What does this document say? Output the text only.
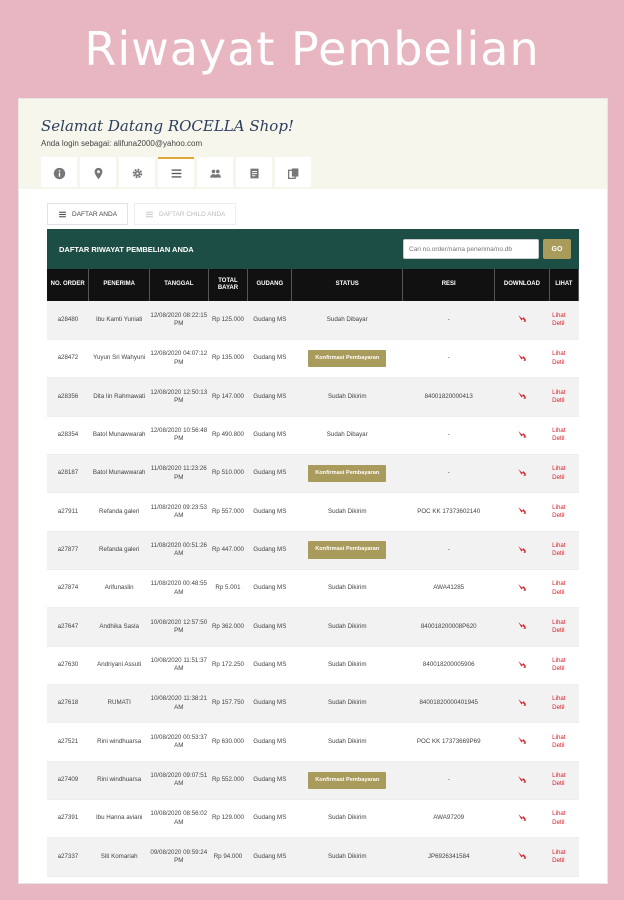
Riwayat Pembelian
Selamat Datang ROCELLA Shop!
Anda login sebagai: alifuna2000@yahoo.com
DAFTAR ANDA	DAFTAR CHILD ANDA
DAFTAR RIWAYAT PEMBELIAN ANDA
Cari no.order/nama penerima/no.db	GO
NO. ORDER	PENERIMA	TANGGAL	TOTAL BAYAR	GUDANG	STATUS	RESI	DOWNLOAD	LIHAT
a28480	Ibu Kamti Yuniati	12/08/2020 08:22:15 PM	Rp 125.000	Gudang MS	Sudah Dibayar	-		Lihat Detil
a28472	Yuyun Sri Wahyuni	12/08/2020 04:07:12 PM	Rp 135.000	Gudang MS	Konfirmasi Pembayaran	-		Lihat Detil
a28356	Dita Iin Rahmawati	12/08/2020 12:50:13 PM	Rp 147.000	Gudang MS	Sudah Dikirim	84001820000413		Lihat Detil
a28354	Batol Munawwarah	12/08/2020 10:56:48 PM	Rp 490.800	Gudang MS	Sudah Dibayar	-		Lihat Detil
a28187	Batol Munawwarah	11/08/2020 11:23:26 PM	Rp 510.000	Gudang MS	Konfirmasi Pembayaran	-		Lihat Detil
a27911	Refanda galeri	11/08/2020 09:23:53 AM	Rp 557.000	Gudang MS	Sudah Dikirim	POC KK 17373602140		Lihat Detil
a27877	Refanda galeri	11/08/2020 00:51:26 AM	Rp 447.000	Gudang MS	Konfirmasi Pembayaran	-		Lihat Detil
a27874	Arifunaslin	11/08/2020 00:48:55 AM	Rp 5.001	Gudang MS	Sudah Dikirim	AWA41285		Lihat Detil
a27647	Andhika Sasla	10/08/2020 12:57:50 PM	Rp 362.000	Gudang MS	Sudah Dikirim	840018200008P620		Lihat Detil
a27630	Andriyani Assuti	10/08/2020 11:51:37 AM	Rp 172.250	Gudang MS	Sudah Dikirim	840018200005906		Lihat Detil
a27618	RUMATI	10/08/2020 11:38:21 AM	Rp 157.750	Gudang MS	Sudah Dikirim	84001820000401945		Lihat Detil
a27521	Rini windhuarsa	10/08/2020 00:53:37 AM	Rp 630.000	Gudang MS	Sudah Dikirim	POC KK 17373669P69		Lihat Detil
a27409	Rini windhuarsa	10/08/2020 09:07:51 AM	Rp 552.000	Gudang MS	Konfirmasi Pembayaran	-		Lihat Detil
a27391	Ibu Hanna aviani	10/08/2020 08:56:02 AM	Rp 129.000	Gudang MS	Sudah Dikirim	AWA97209		Lihat Detil
a27337	Siti Komariah	09/08/2020 09:59:24 PM	Rp 94.000	Gudang MS	Sudah Dikirim	JP6926341584		Lihat Detil
